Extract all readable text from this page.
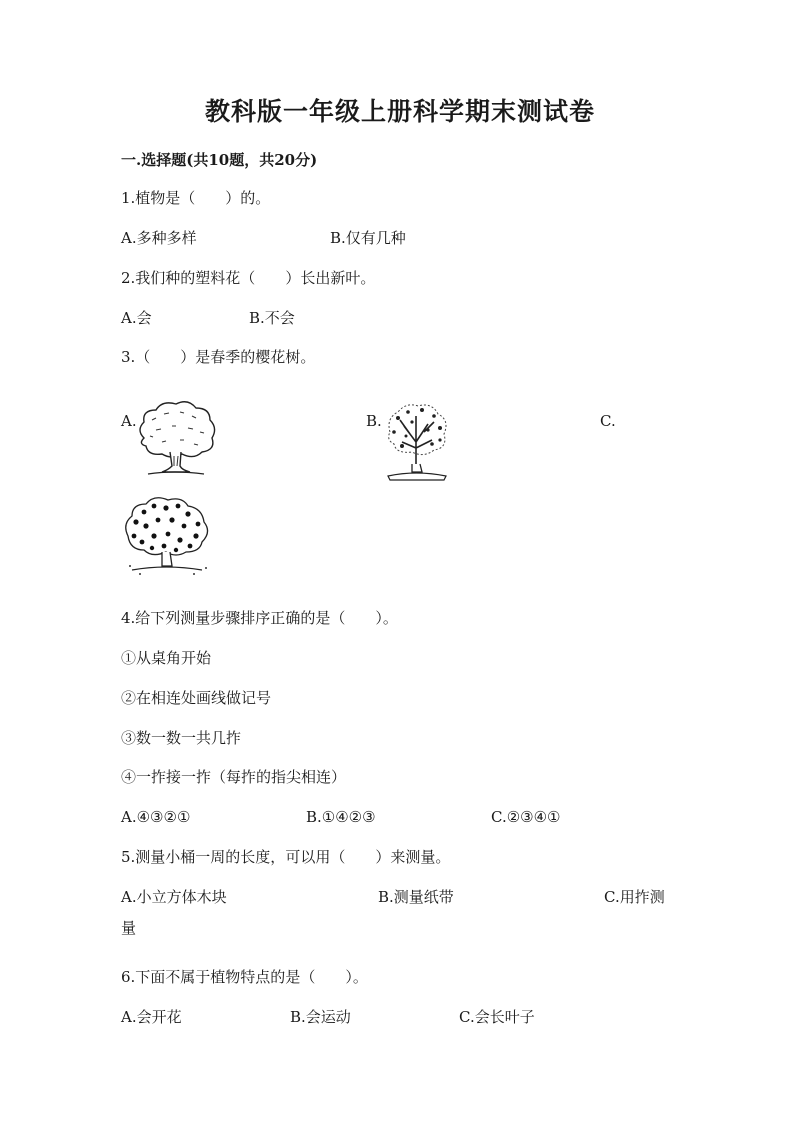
教科版一年级上册科学期末测试卷
一.选择题(共10题，共20分)
1.植物是（　　）的。
A.多种多样	B.仅有几种
2.我们种的塑料花（　　）长出新叶。
A.会	B.不会
3.（　　）是春季的樱花树。
A.	B.	C.
4.给下列测量步骤排序正确的是（　　）。
①从桌角开始
②在相连处画线做记号
③数一数一共几拃
④一拃接一拃（每拃的指尖相连）
A.④③②①	B.①④②③	C.②③④①
5.测量小桶一周的长度，可以用（　　）来测量。
A.小立方体木块	B.测量纸带	C.用拃测
量
6.下面不属于植物特点的是（　　）。
A.会开花	B.会运动	C.会长叶子
